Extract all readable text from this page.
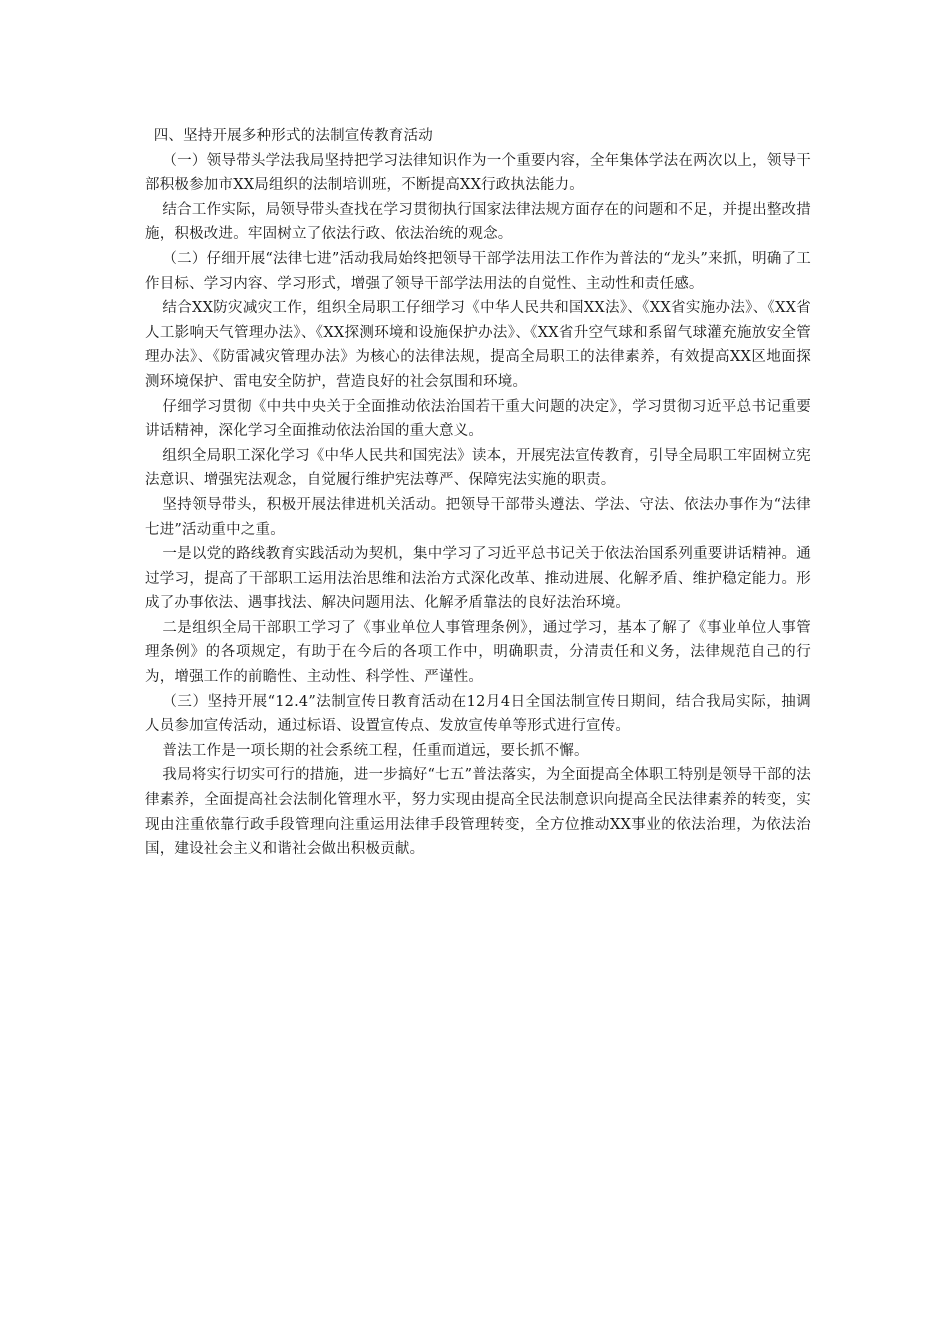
四、坚持开展多种形式的法制宣传教育活动

（一）领导带头学法我局坚持把学习法律知识作为一个重要内容，全年集体学法在两次以上，领导干部积极参加市XX局组织的法制培训班，不断提高XX行政执法能力。

结合工作实际，局领导带头查找在学习贯彻执行国家法律法规方面存在的问题和不足，并提出整改措施，积极改进。牢固树立了依法行政、依法治统的观念。

（二）仔细开展“法律七进”活动我局始终把领导干部学法用法工作作为普法的“龙头”来抓，明确了工作目标、学习内容、学习形式，增强了领导干部学法用法的自觉性、主动性和责任感。

结合XX防灾减灾工作，组织全局职工仔细学习《中华人民共和国XX法》、《XX省实施办法》、《XX省人工影响天气管理办法》、《XX探测环境和设施保护办法》、《XX省升空气球和系留气球灌充施放安全管理办法》、《防雷减灾管理办法》为核心的法律法规，提高全局职工的法律素养，有效提高XX区地面探测环境保护、雷电安全防护，营造良好的社会氛围和环境。

仔细学习贯彻《中共中央关于全面推动依法治国若干重大问题的决定》，学习贯彻习近平总书记重要讲话精神，深化学习全面推动依法治国的重大意义。

组织全局职工深化学习《中华人民共和国宪法》读本，开展宪法宣传教育，引导全局职工牢固树立宪法意识、增强宪法观念，自觉履行维护宪法尊严、保障宪法实施的职责。

坚持领导带头，积极开展法律进机关活动。把领导干部带头遵法、学法、守法、依法办事作为“法律七进”活动重中之重。

一是以党的路线教育实践活动为契机，集中学习了习近平总书记关于依法治国系列重要讲话精神。通过学习，提高了干部职工运用法治思维和法治方式深化改革、推动进展、化解矛盾、维护稳定能力。形成了办事依法、遇事找法、解决问题用法、化解矛盾靠法的良好法治环境。

二是组织全局干部职工学习了《事业单位人事管理条例》，通过学习，基本了解了《事业单位人事管理条例》的各项规定，有助于在今后的各项工作中，明确职责，分清责任和义务，法律规范自己的行为，增强工作的前瞻性、主动性、科学性、严谨性。

（三）坚持开展“12.4”法制宣传日教育活动在12月4日全国法制宣传日期间，结合我局实际，抽调人员参加宣传活动，通过标语、设置宣传点、发放宣传单等形式进行宣传。

普法工作是一项长期的社会系统工程，任重而道远，要长抓不懈。

我局将实行切实可行的措施，进一步搞好“七五”普法落实，为全面提高全体职工特别是领导干部的法律素养，全面提高社会法制化管理水平，努力实现由提高全民法制意识向提高全民法律素养的转变，实现由注重依靠行政手段管理向注重运用法律手段管理转变，全方位推动XX事业的依法治理，为依法治国，建设社会主义和谐社会做出积极贡献。
